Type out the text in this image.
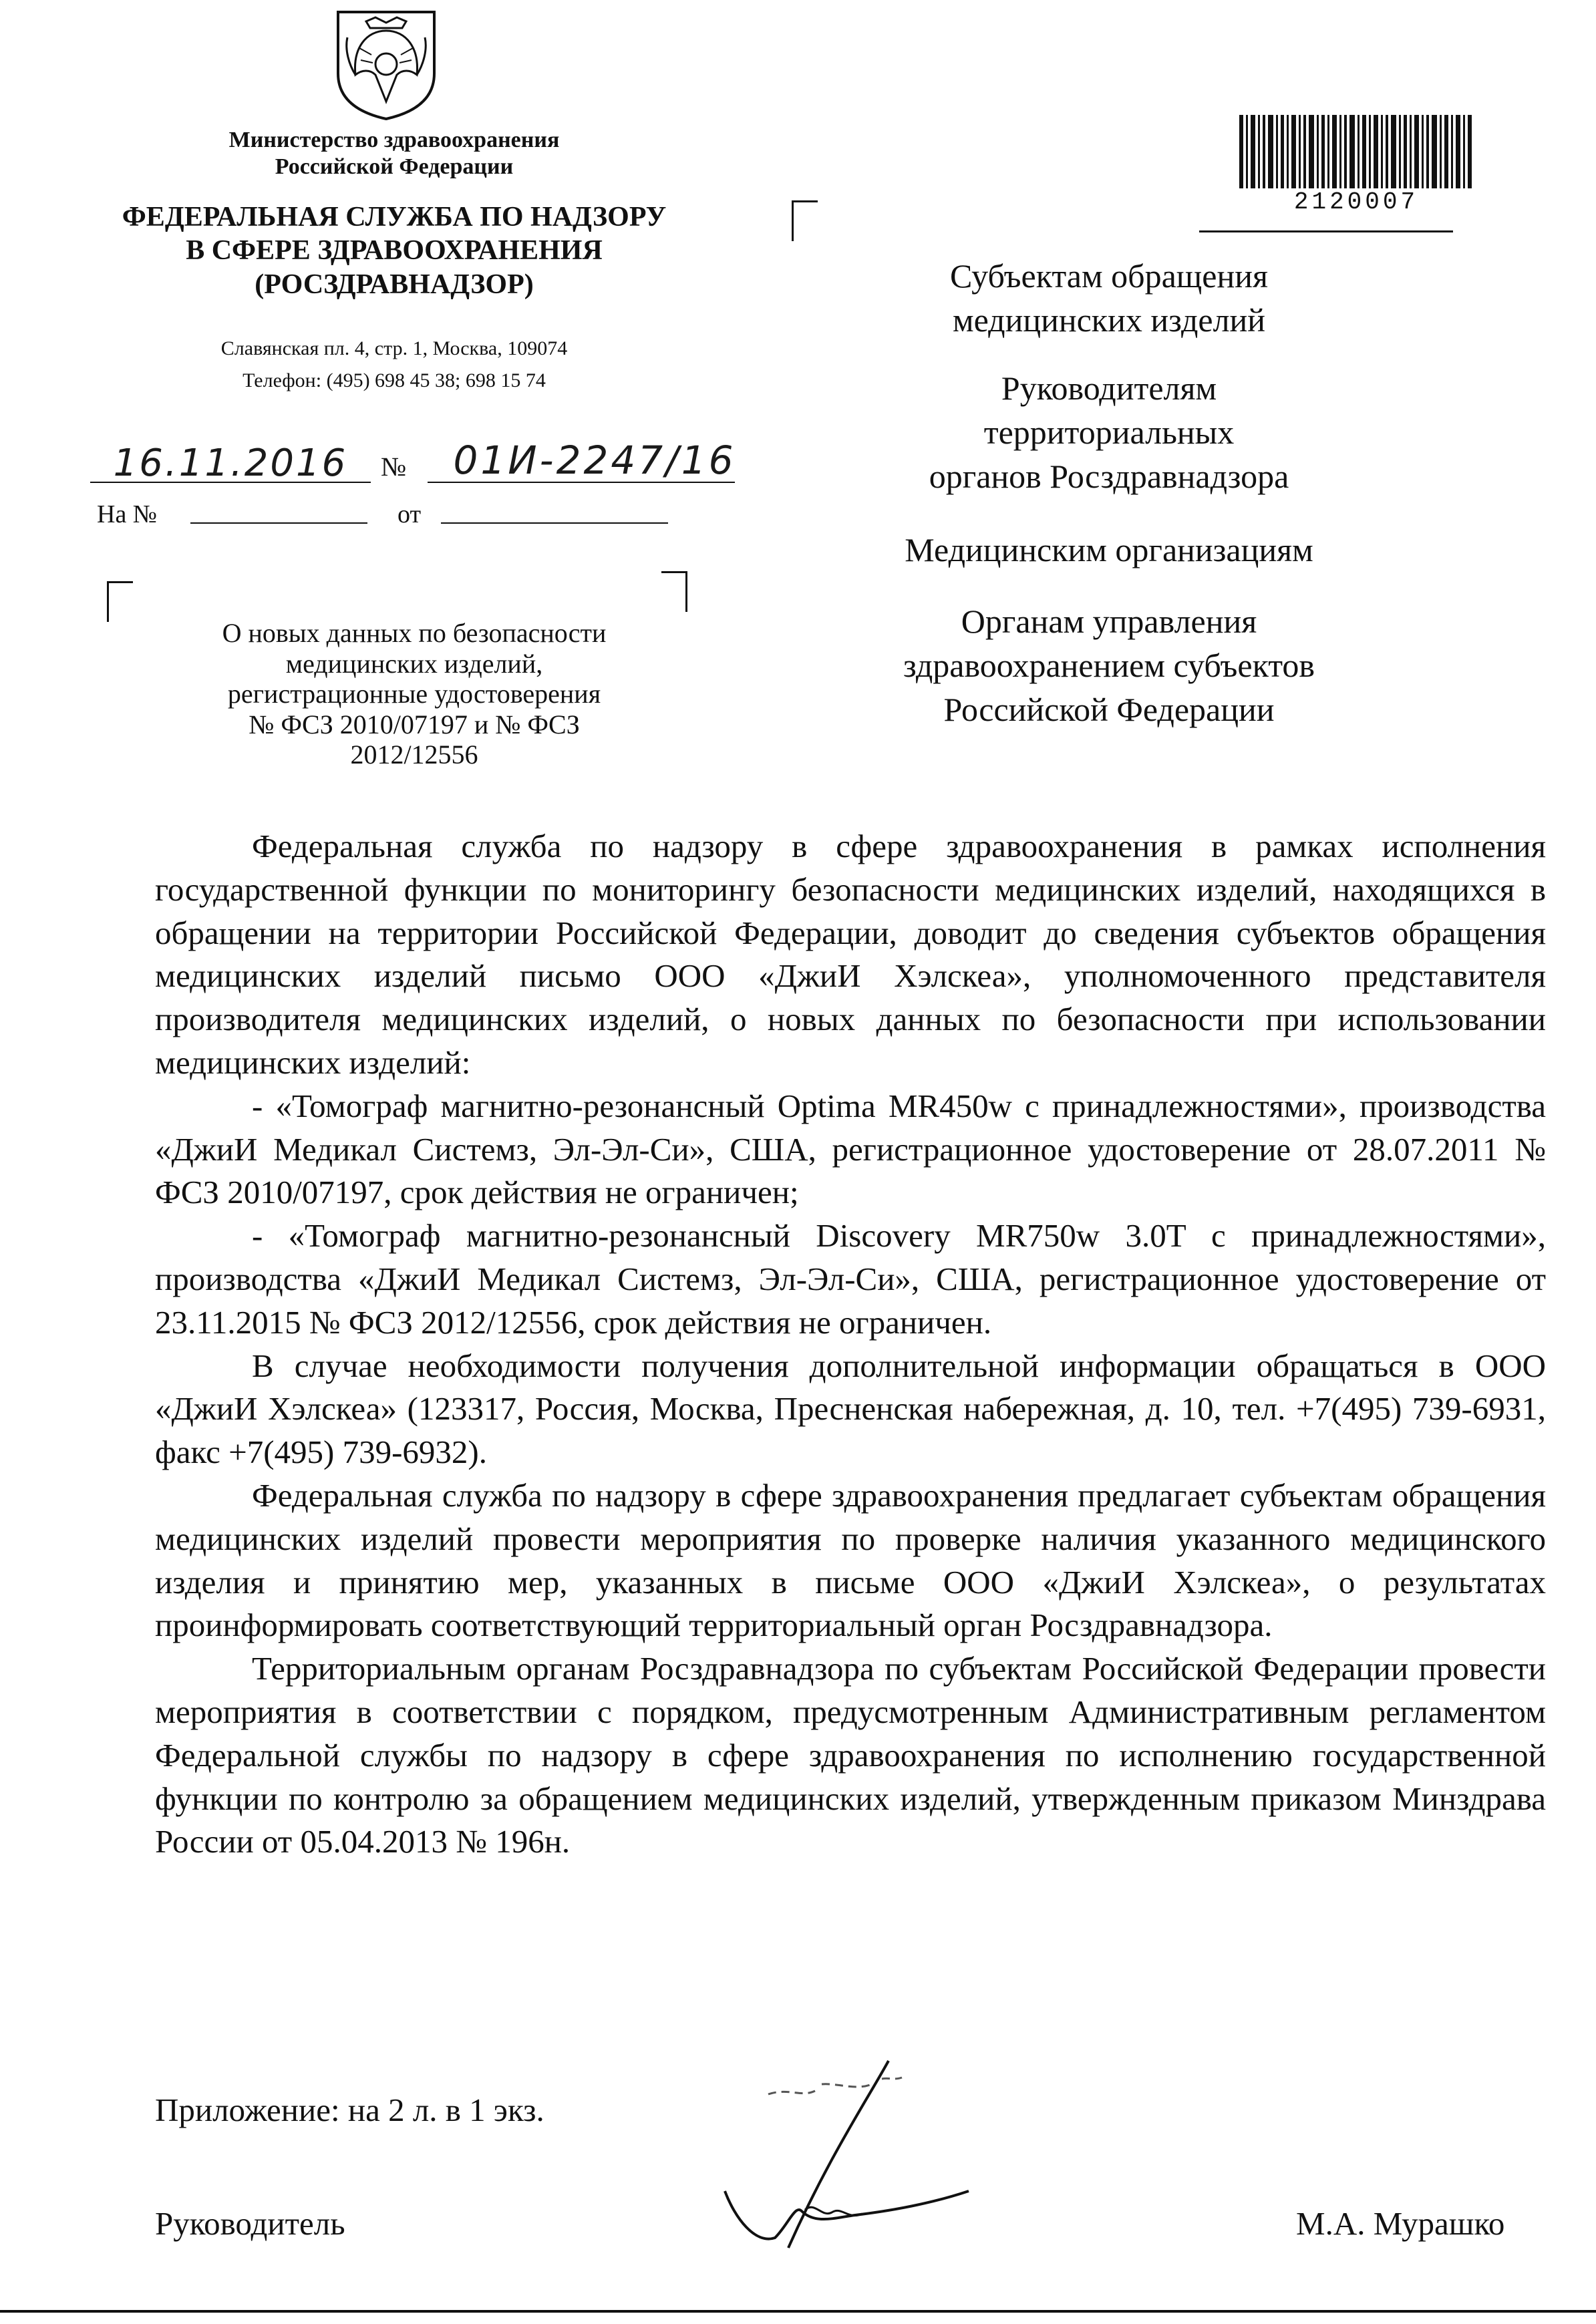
Министерство здравоохранения
Российской Федерации
ФЕДЕРАЛЬНАЯ СЛУЖБА ПО НАДЗОРУ
В СФЕРЕ ЗДРАВООХРАНЕНИЯ
(РОСЗДРАВНАДЗОР)
Славянская пл. 4, стр. 1, Москва, 109074
Телефон: (495) 698 45 38; 698 15 74
16.11.2016	№	01И-2247/16
На №	от
О новых данных по безопасности
медицинских изделий,
регистрационные удостоверения
№ ФСЗ 2010/07197 и № ФСЗ
2012/12556
2120007
Субъектам обращения
медицинских изделий
Руководителям
территориальных
органов Росздравнадзора
Медицинским организациям
Органам управления
здравоохранением субъектов
Российской Федерации

Федеральная служба по надзору в сфере здравоохранения в рамках исполнения государственной функции по мониторингу безопасности медицинских изделий, находящихся в обращении на территории Российской Федерации, доводит до сведения субъектов обращения медицинских изделий письмо ООО «ДжиИ Хэлскеа», уполномоченного представителя производителя медицинских изделий, о новых данных по безопасности при использовании медицинских изделий:

- «Томограф магнитно-резонансный Optima MR450w с принадлежностями», производства «ДжиИ Медикал Системз, Эл-Эл-Си», США, регистрационное удостоверение от 28.07.2011 № ФСЗ 2010/07197, срок действия не ограничен;

- «Томограф магнитно-резонансный Discovery MR750w 3.0T с принадлежностями», производства «ДжиИ Медикал Системз, Эл-Эл-Си», США, регистрационное удостоверение от 23.11.2015 № ФСЗ 2012/12556, срок действия не ограничен.

В случае необходимости получения дополнительной информации обращаться в ООО «ДжиИ Хэлскеа» (123317, Россия, Москва, Пресненская набережная, д. 10, тел. +7(495) 739-6931, факс +7(495) 739-6932).

Федеральная служба по надзору в сфере здравоохранения предлагает субъектам обращения медицинских изделий провести мероприятия по проверке наличия указанного медицинского изделия и принятию мер, указанных в письме ООО «ДжиИ Хэлскеа», о результатах проинформировать соответствующий территориальный орган Росздравнадзора.

Территориальным органам Росздравнадзора по субъектам Российской Федерации провести мероприятия в соответствии с порядком, предусмотренным Административным регламентом Федеральной службы по надзору в сфере здравоохранения по исполнению государственной функции по контролю за обращением медицинских изделий, утвержденным приказом Минздрава России от 05.04.2013 № 196н.

Приложение: на 2 л. в 1 экз.
Руководитель	М.А. Мурашко
